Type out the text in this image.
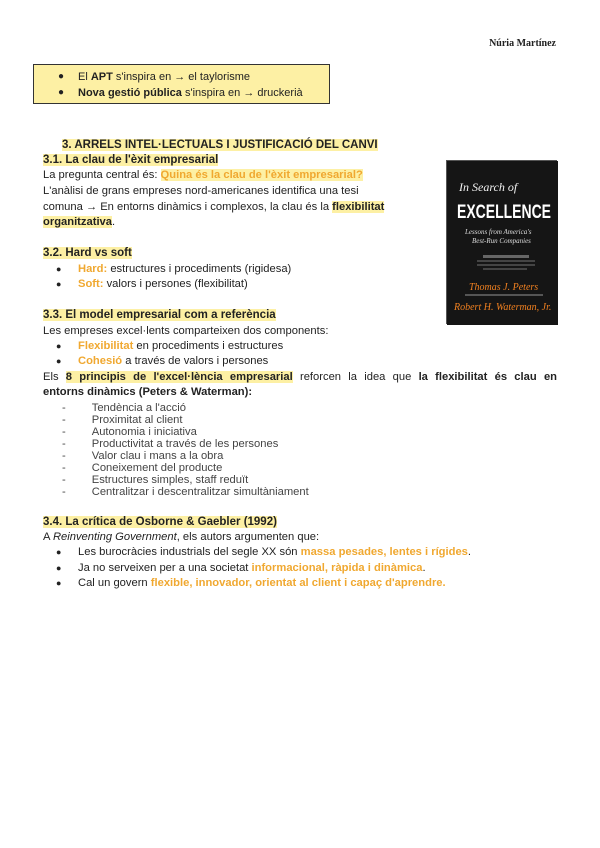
Núria Martínez
● El APT s'inspira en → el taylorisme
● Nova gestió pública s'inspira en → druckerià
3. ARRELS INTEL·LECTUALS I JUSTIFICACIÓ DEL CANVI
3.1. La clau de l'èxit empresarial
La pregunta central és: Quina és la clau de l'èxit empresarial?
L'anàlisi de grans empreses nord-americanes identifica una tesi
comuna → En entorns dinàmics i complexos, la clau és la flexibilitat
organitzativa.
3.2. Hard vs soft
● Hard: estructures i procediments (rigidesa)
● Soft: valors i persones (flexibilitat)
3.3. El model empresarial com a referència
Les empreses excel·lents comparteixen dos components:
● Flexibilitat en procediments i estructures
● Cohesió a través de valors i persones
Els 8 principis de l'excel·lència empresarial reforcen la idea que la flexibilitat és clau en
entorns dinàmics (Peters & Waterman):
- Tendència a l'acció
- Proximitat al client
- Autonomia i iniciativa
- Productivitat a través de les persones
- Valor clau i mans a la obra
- Coneixement del producte
- Estructures simples, staff reduït
- Centralitzar i descentralitzar simultàniament
3.4. La crítica de Osborne & Gaebler (1992)
A Reinventing Government, els autors argumenten que:
● Les burocràcies industrials del segle XX són massa pesades, lentes i rígides.
● Ja no serveixen per a una societat informacional, ràpida i dinàmica.
● Cal un govern flexible, innovador, orientat al client i capaç d'aprendre.
In Search of
EXCELLENCE
Lessons from America's
Best-Run Companies
Thomas J. Peters
Robert H. Waterman, Jr.
